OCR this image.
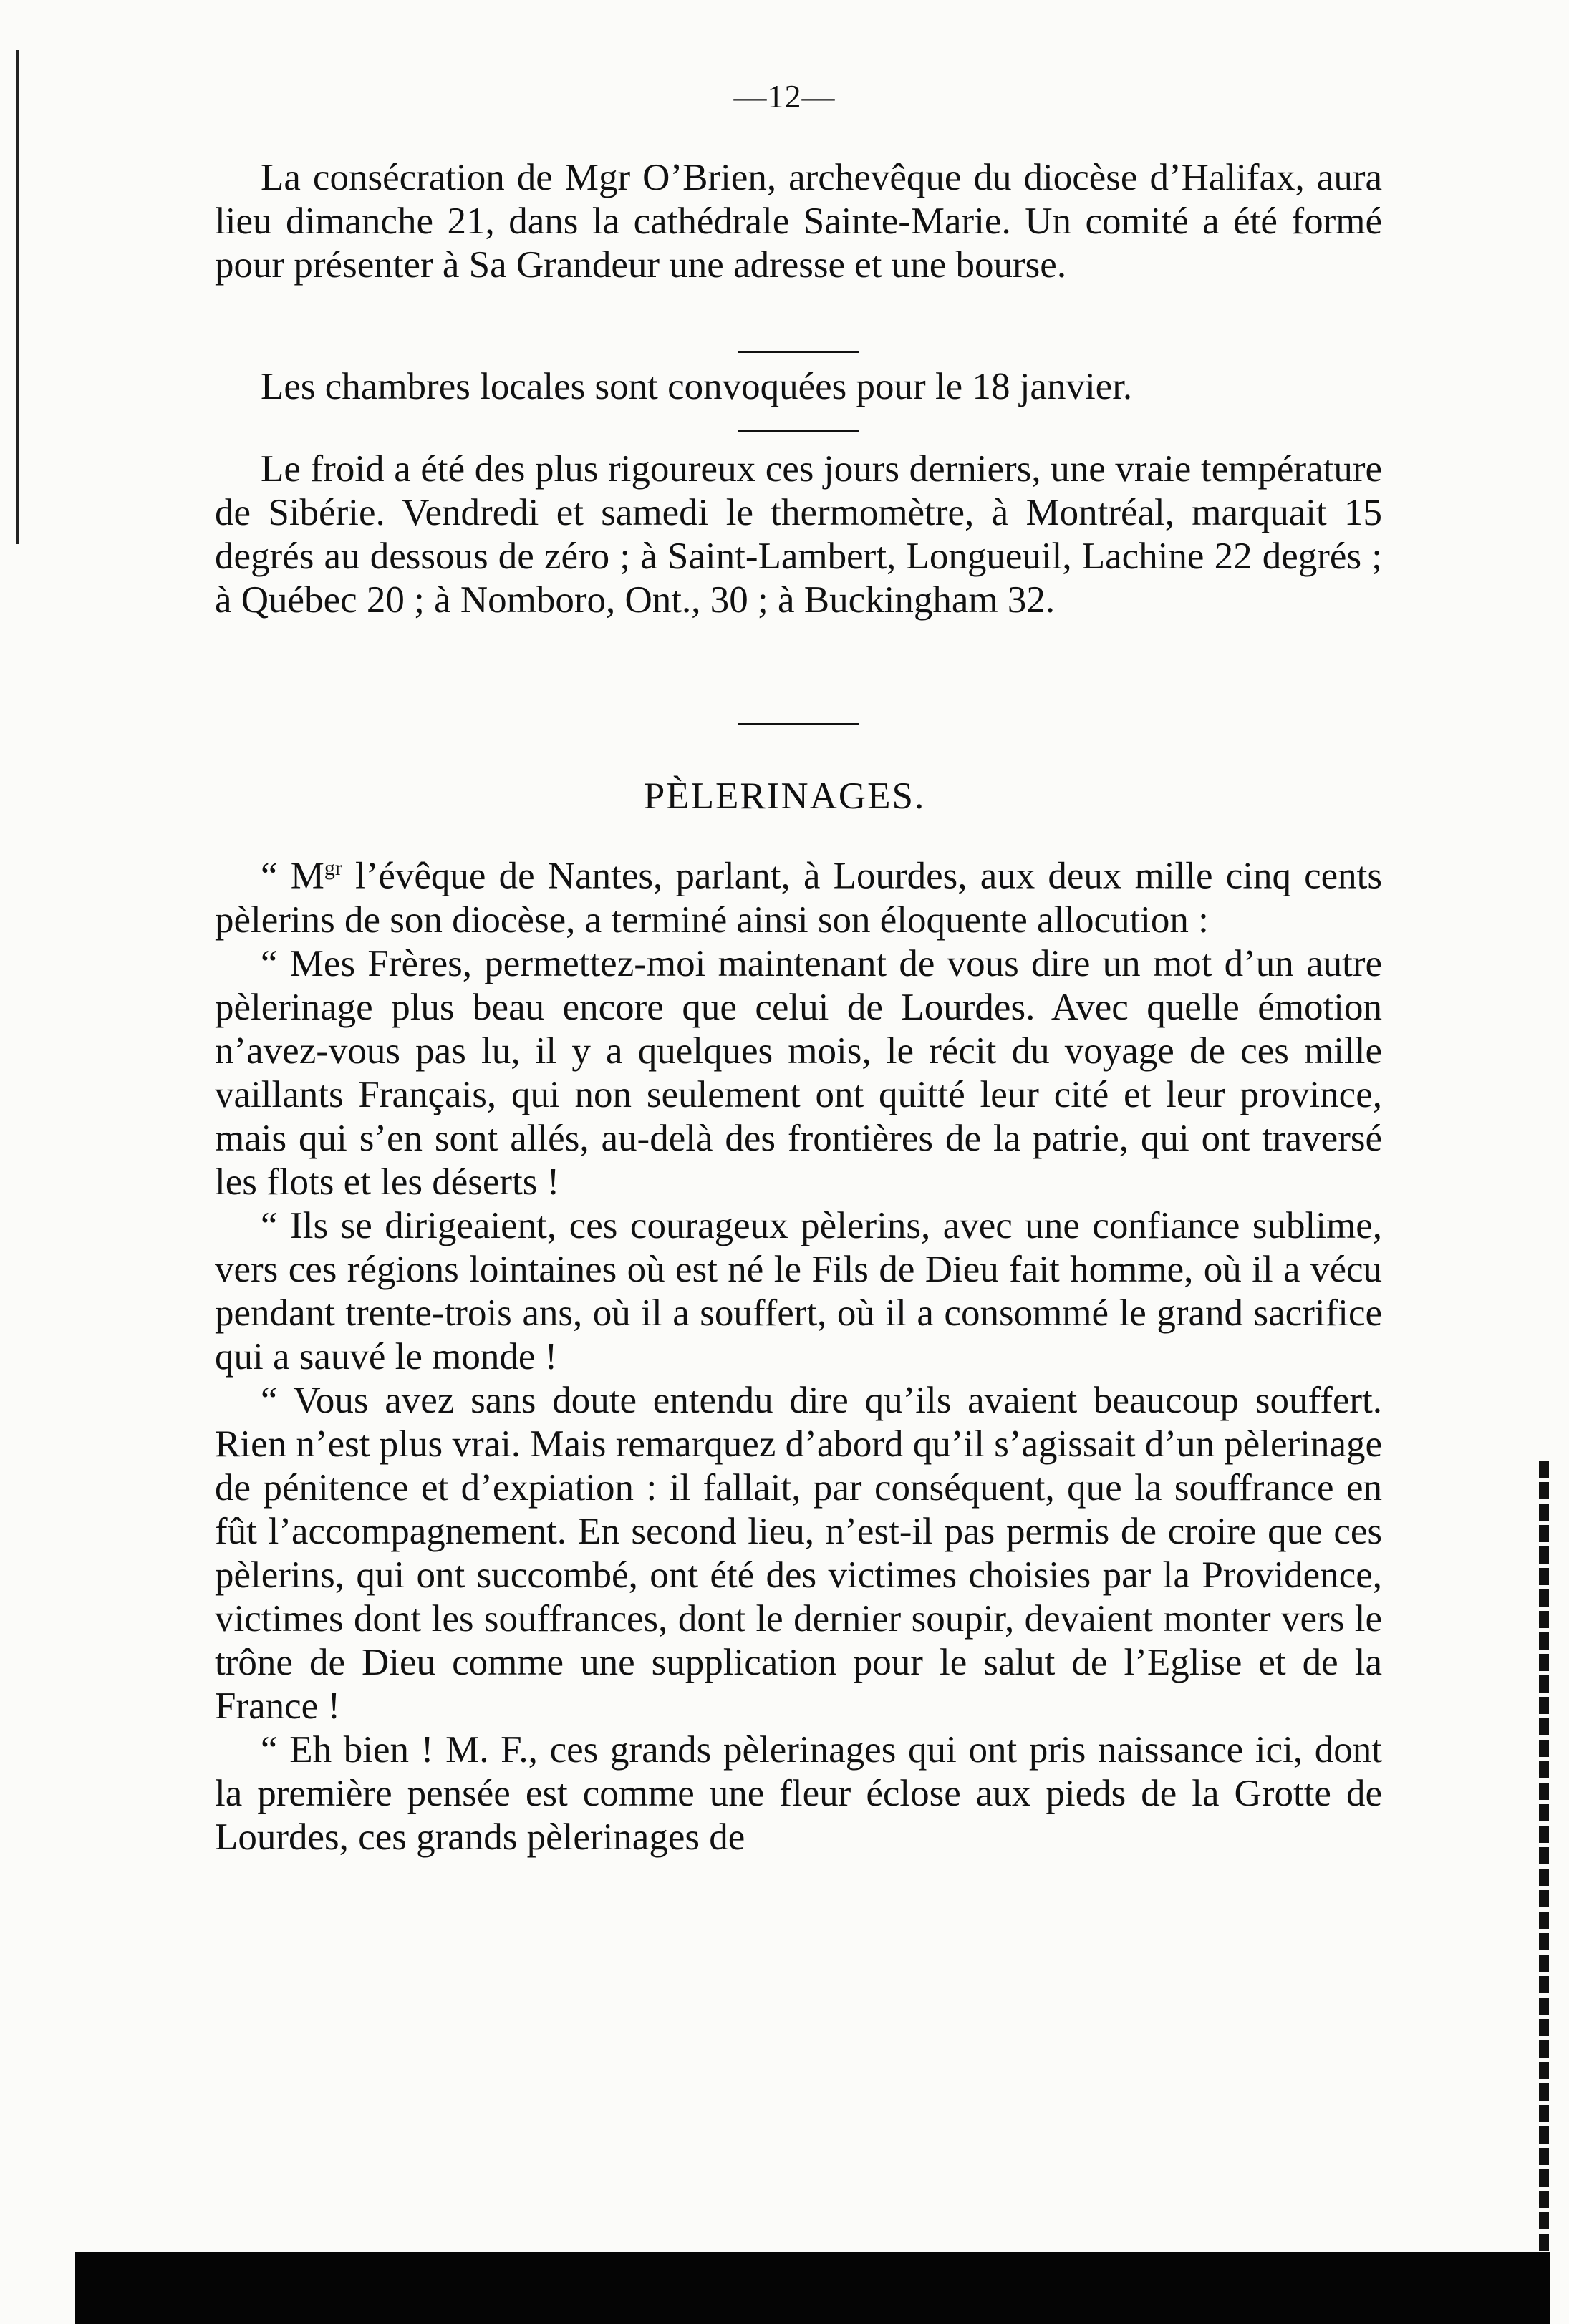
—12—

La consécration de Mgr O’Brien, archevêque du diocèse d’Halifax, aura lieu dimanche 21, dans la cathédrale Sainte-Marie. Un comité a été formé pour présenter à Sa Grandeur une adresse et une bourse.

Les chambres locales sont convoquées pour le 18 janvier.

Le froid a été des plus rigoureux ces jours derniers, une vraie température de Sibérie. Vendredi et samedi le thermomètre, à Montréal, marquait 15 degrés au dessous de zéro ; à Saint-Lambert, Longueuil, Lachine 22 degrés ; à Québec 20 ; à Nomboro, Ont., 30 ; à Buckingham 32.

PÈLERINAGES.

“ $M^{gr}$ l’évêque de Nantes, parlant, à Lourdes, aux deux mille cinq cents pèlerins de son diocèse, a terminé ainsi son éloquente allocution :

“ Mes Frères, permettez-moi maintenant de vous dire un mot d’un autre pèlerinage plus beau encore que celui de Lourdes. Avec quelle émotion n’avez-vous pas lu, il y a quelques mois, le récit du voyage de ces mille vaillants Français, qui non seulement ont quitté leur cité et leur province, mais qui s’en sont allés, au-delà des frontières de la patrie, qui ont traversé les flots et les déserts !

“ Ils se dirigeaient, ces courageux pèlerins, avec une confiance sublime, vers ces régions lointaines où est né le Fils de Dieu fait homme, où il a vécu pendant trente-trois ans, où il a souffert, où il a consommé le grand sacrifice qui a sauvé le monde !

“ Vous avez sans doute entendu dire qu’ils avaient beaucoup souffert. Rien n’est plus vrai. Mais remarquez d’abord qu’il s’agissait d’un pèlerinage de pénitence et d’expiation : il fallait, par conséquent, que la souffrance en fût l’accompagnement. En second lieu, n’est-il pas permis de croire que ces pèlerins, qui ont succombé, ont été des victimes choisies par la Providence, victimes dont les souffrances, dont le dernier soupir, devaient monter vers le trône de Dieu comme une supplication pour le salut de l’Eglise et de la France !

“ Eh bien ! M. F., ces grands pèlerinages qui ont pris naissance ici, dont la première pensée est comme une fleur éclose aux pieds de la Grotte de Lourdes, ces grands pèlerinages de
